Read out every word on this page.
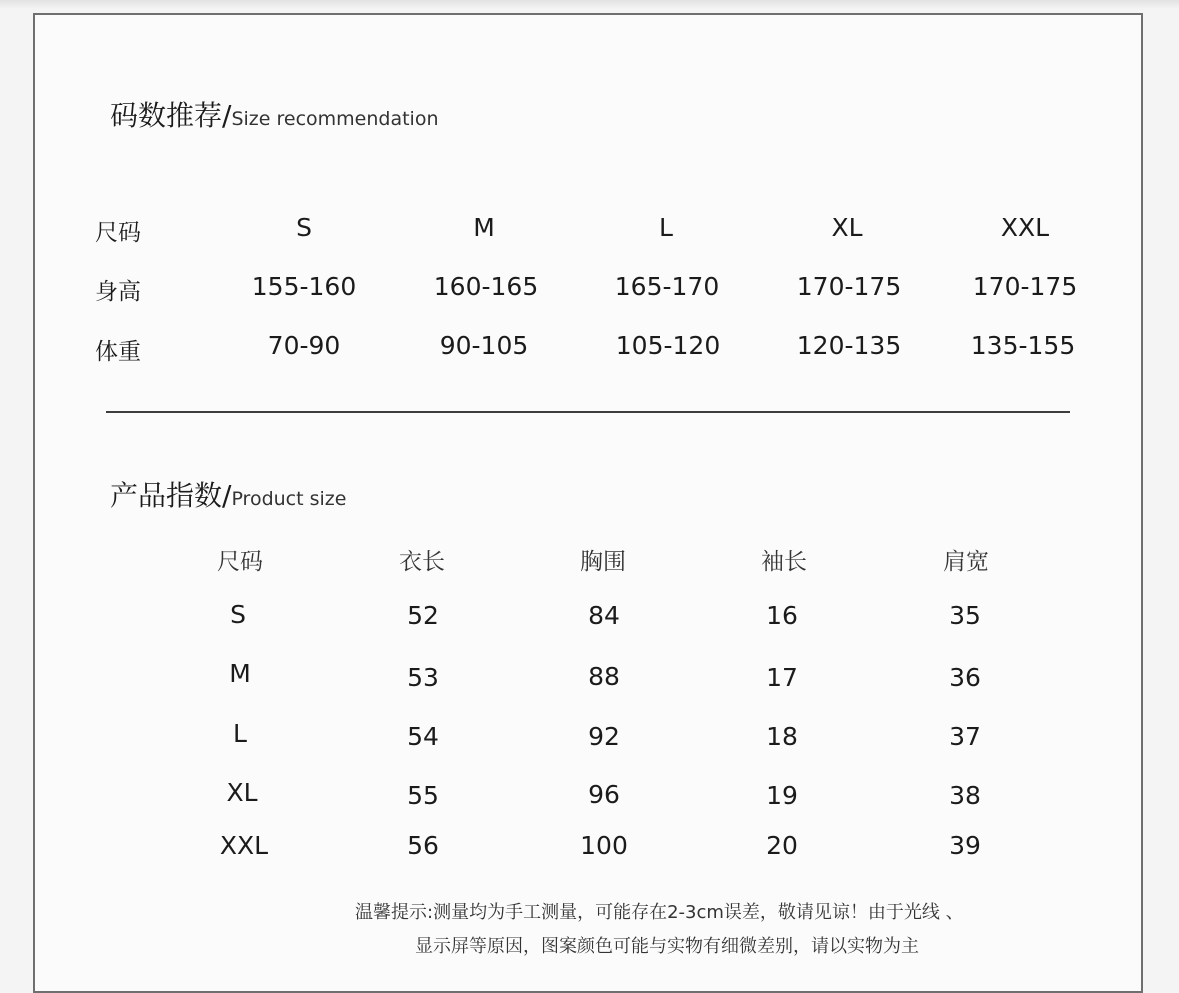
码数推荐/Size recommendation
尺码	S	M	L	XL	XXL
身高	155-160	160-165	165-170	170-175	170-175
体重	70-90	90-105	105-120	120-135	135-155
产品指数/Product size
尺码	衣长	胸围	袖长	肩宽
S	52	84	16	35
M	53	88	17	36
L	54	92	18	37
XL	55	96	19	38
XXL	56	100	20	39
温馨提示:测量均为手工测量，可能存在2-3cm误差，敬请见谅！由于光线 、
显示屏等原因，图案颜色可能与实物有细微差别，请以实物为主
